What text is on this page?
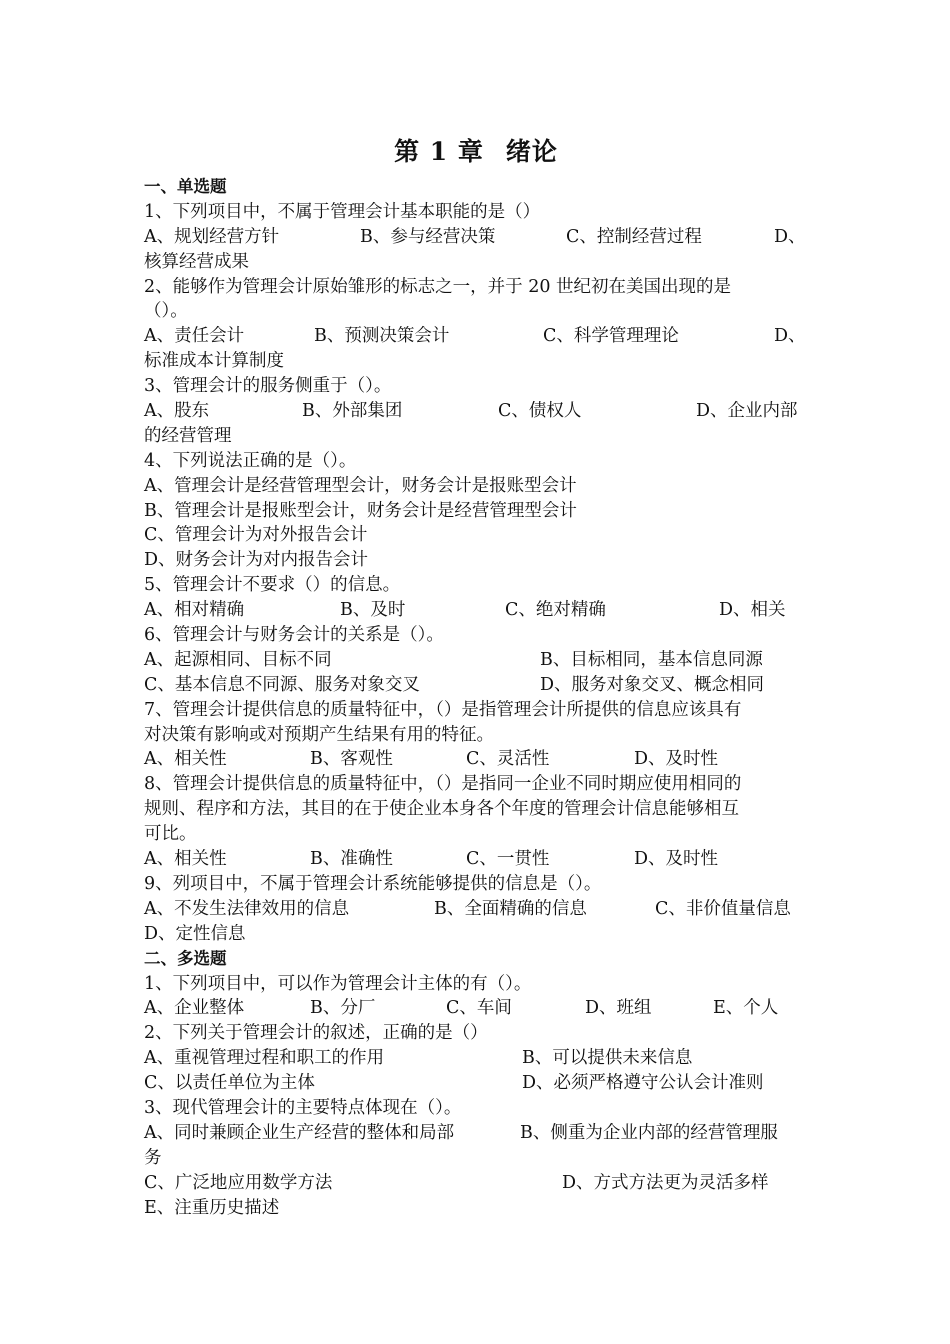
第 1 章 绪论
一、单选题
1、下列项目中，不属于管理会计基本职能的是（）
A、规划经营方针	B、参与经营决策	C、控制经营过程	D、
核算经营成果
2、能够作为管理会计原始雏形的标志之一，并于 20 世纪初在美国出现的是
（）。
A、责任会计	B、预测决策会计	C、科学管理理论	D、
标准成本计算制度
3、管理会计的服务侧重于（）。
A、股东	B、外部集团	C、债权人	D、企业内部
的经营管理
4、下列说法正确的是（）。
A、管理会计是经营管理型会计，财务会计是报账型会计
B、管理会计是报账型会计，财务会计是经营管理型会计
C、管理会计为对外报告会计
D、财务会计为对内报告会计
5、管理会计不要求（）的信息。
A、相对精确	B、及时	C、绝对精确	D、相关
6、管理会计与财务会计的关系是（）。
A、起源相同、目标不同	B、目标相同，基本信息同源
C、基本信息不同源、服务对象交叉	D、服务对象交叉、概念相同
7、管理会计提供信息的质量特征中，（）是指管理会计所提供的信息应该具有
对决策有影响或对预期产生结果有用的特征。
A、相关性	B、客观性	C、灵活性	D、及时性
8、管理会计提供信息的质量特征中，（）是指同一企业不同时期应使用相同的
规则、程序和方法，其目的在于使企业本身各个年度的管理会计信息能够相互
可比。
A、相关性	B、准确性	C、一贯性	D、及时性
9、列项目中，不属于管理会计系统能够提供的信息是（）。
A、不发生法律效用的信息	B、全面精确的信息	C、非价值量信息
D、定性信息
二、多选题
1、下列项目中，可以作为管理会计主体的有（）。
A、企业整体	B、分厂	C、车间	D、班组	E、个人
2、下列关于管理会计的叙述，正确的是（）
A、重视管理过程和职工的作用	B、可以提供未来信息
C、以责任单位为主体	D、必须严格遵守公认会计准则
3、现代管理会计的主要特点体现在（）。
A、同时兼顾企业生产经营的整体和局部	B、侧重为企业内部的经营管理服
务
C、广泛地应用数学方法	D、方式方法更为灵活多样
E、注重历史描述
